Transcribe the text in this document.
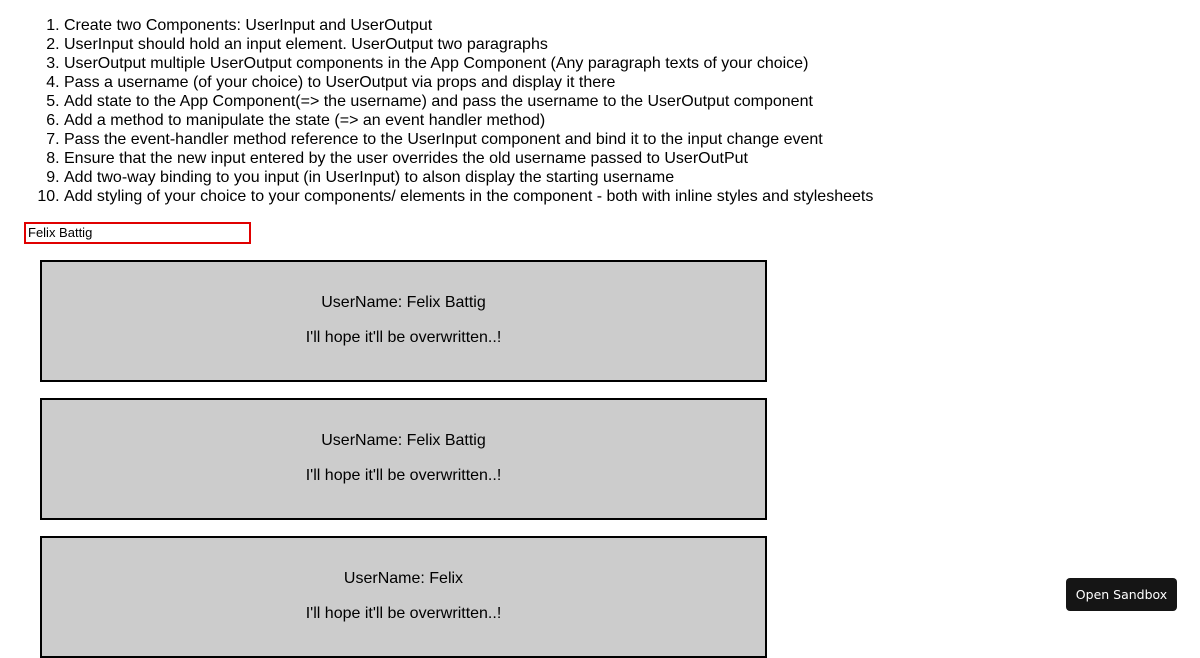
1. Create two Components: UserInput and UserOutput
2. UserInput should hold an input element. UserOutput two paragraphs
3. UserOutput multiple UserOutput components in the App Component (Any paragraph texts of your choice)
4. Pass a username (of your choice) to UserOutput via props and display it there
5. Add state to the App Component(=> the username) and pass the username to the UserOutput component
6. Add a method to manipulate the state (=> an event handler method)
7. Pass the event-handler method reference to the UserInput component and bind it to the input change event
8. Ensure that the new input entered by the user overrides the old username passed to UserOutPut
9. Add two-way binding to you input (in UserInput) to alson display the starting username
10. Add styling of your choice to your components/ elements in the component - both with inline styles and stylesheets
Felix Battig

UserName: Felix Battig

I'll hope it'll be overwritten..!

UserName: Felix Battig

I'll hope it'll be overwritten..!

UserName: Felix

I'll hope it'll be overwritten..!

Open Sandbox
